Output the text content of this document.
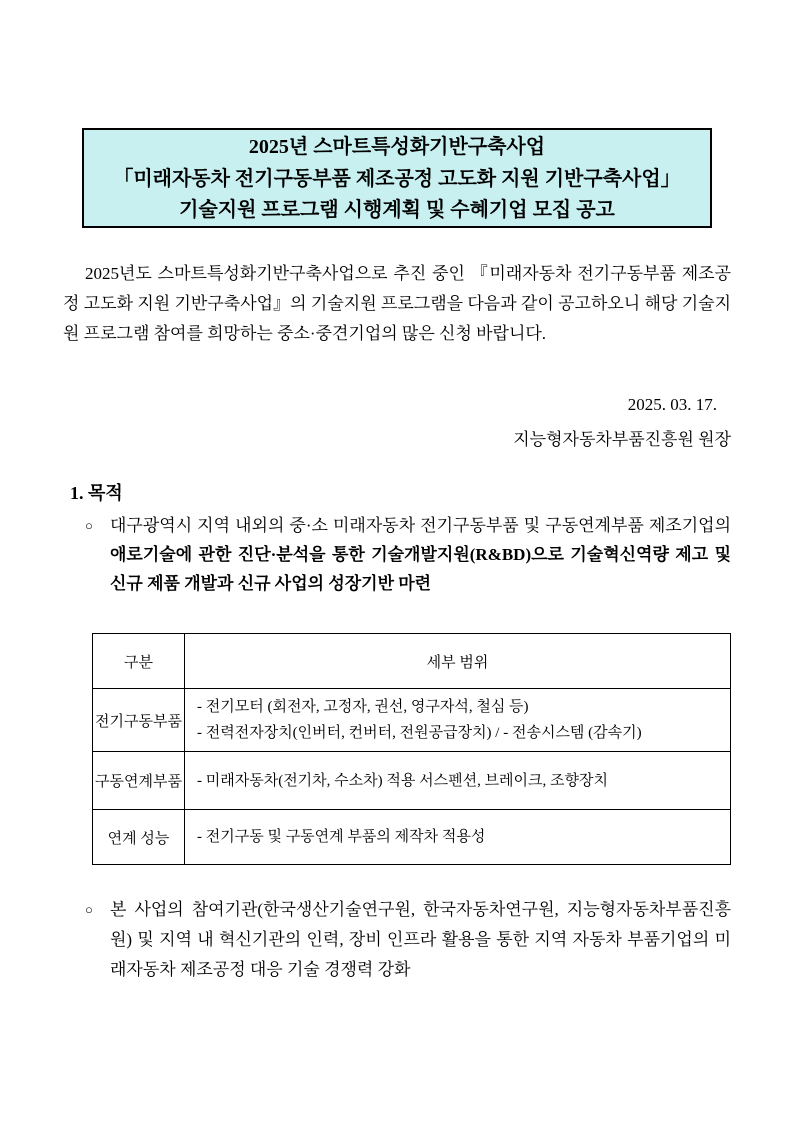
2025년 스마트특성화기반구축사업
「미래자동차 전기구동부품 제조공정 고도화 지원 기반구축사업」
기술지원 프로그램 시행계획 및 수혜기업 모집 공고

2025년도 스마트특성화기반구축사업으로 추진 중인 『미래자동차 전기구동부품 제조공정 고도화 지원 기반구축사업』의 기술지원 프로그램을 다음과 같이 공고하오니 해당 기술지원 프로그램 참여를 희망하는 중소·중견기업의 많은 신청 바랍니다.

2025. 03. 17.
지능형자동차부품진흥원 원장
1. 목적
○	대구광역시 지역 내외의 중·소 미래자동차 전기구동부품 및 구동연계부품 제조기업의 애로기술에 관한 진단·분석을 통한 기술개발지원(R&BD)으로 기술혁신역량 제고 및 신규 제품 개발과 신규 사업의 성장기반 마련
구분	세부 범위
전기구동부품	- 전기모터 (회전자, 고정자, 권선, 영구자석, 철심 등)
- 전력전자장치(인버터, 컨버터, 전원공급장치) / - 전송시스템 (감속기)

구동연계부품	- 미래자동차(전기차, 수소차) 적용 서스펜션, 브레이크, 조향장치

연계 성능	- 전기구동 및 구동연계 부품의 제작차 적용성
○	본 사업의 참여기관(한국생산기술연구원, 한국자동차연구원, 지능형자동차부품진흥원) 및 지역 내 혁신기관의 인력, 장비 인프라 활용을 통한 지역 자동차 부품기업의 미래자동차 제조공정 대응 기술 경쟁력 강화
